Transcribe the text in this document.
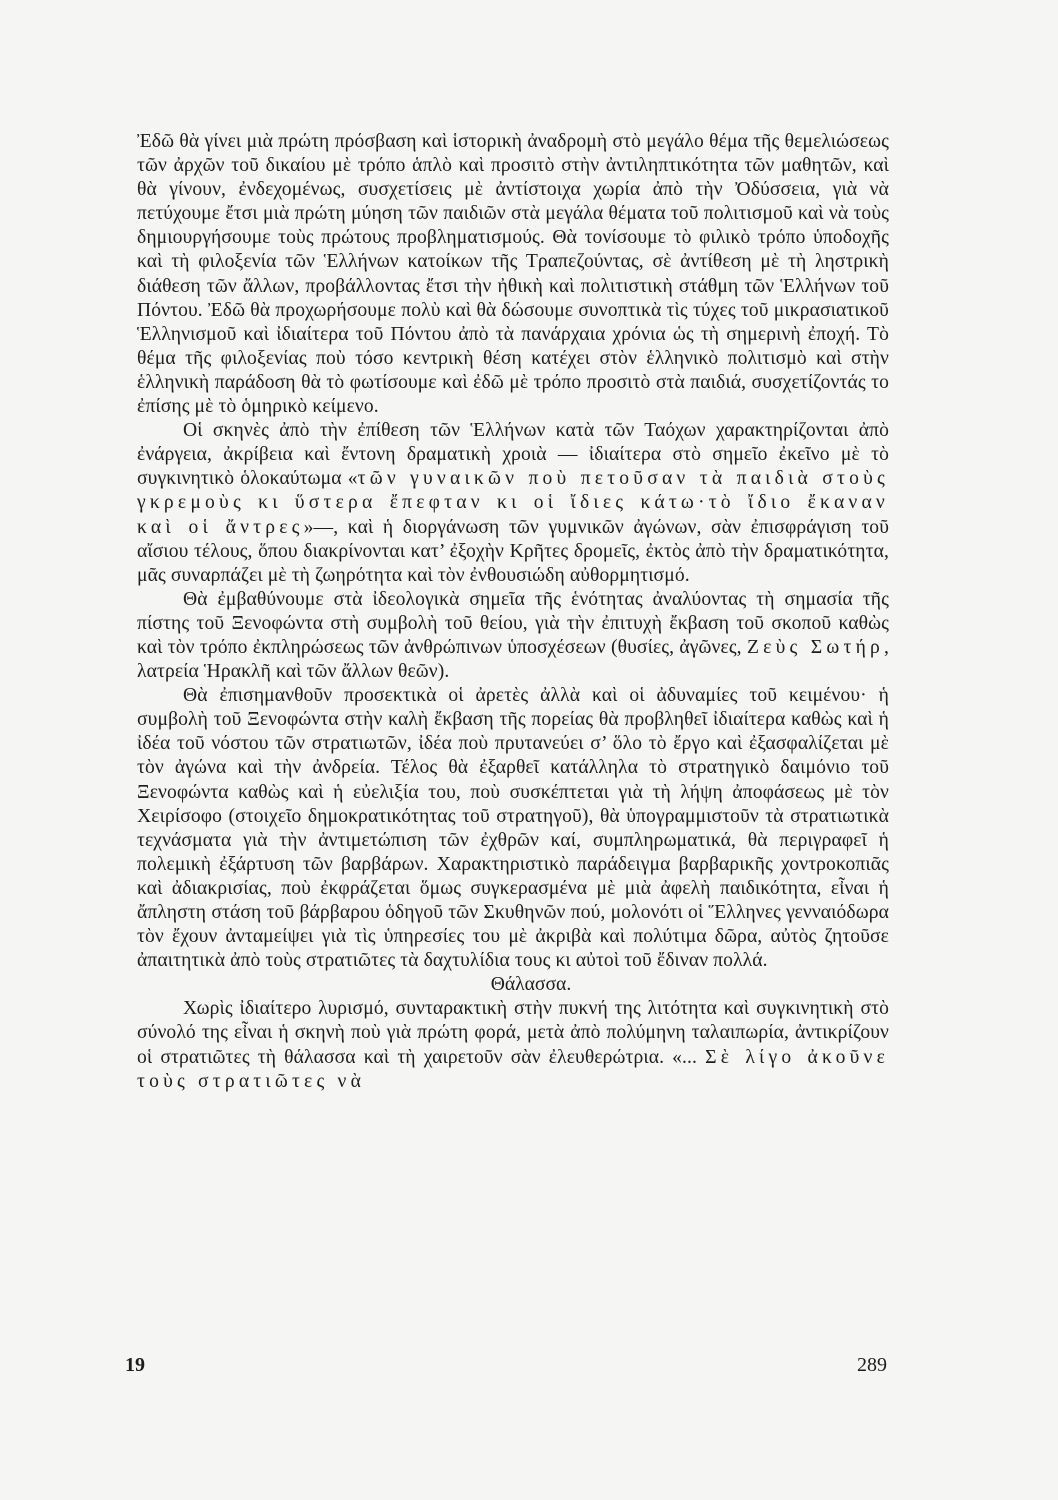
Ἐδῶ θὰ γίνει μιὰ πρώτη πρόσβαση καὶ ἱστορικὴ ἀναδρομὴ στὸ μεγάλο θέμα τῆς θεμελιώσεως τῶν ἀρχῶν τοῦ δικαίου μὲ τρόπο ἁπλὸ καὶ προσιτὸ στὴν ἀντιληπτικότητα τῶν μαθητῶν, καὶ θὰ γίνουν, ἐνδεχομένως, συσχετίσεις μὲ ἀντίστοιχα χωρία ἀπὸ τὴν Ὀδύσσεια, γιὰ νὰ πετύχουμε ἔτσι μιὰ πρώτη μύηση τῶν παιδιῶν στὰ μεγάλα θέματα τοῦ πολιτισμοῦ καὶ νὰ τοὺς δημιουργήσουμε τοὺς πρώτους προβληματισμούς. Θὰ τονίσουμε τὸ φιλικὸ τρόπο ὑποδοχῆς καὶ τὴ φιλοξενία τῶν Ἑλλήνων κατοίκων τῆς Τραπεζούντας, σὲ ἀντίθεση μὲ τὴ ληστρικὴ διάθεση τῶν ἄλλων, προβάλλοντας ἔτσι τὴν ἠθικὴ καὶ πολιτιστικὴ στάθμη τῶν Ἑλλήνων τοῦ Πόντου. Ἐδῶ θὰ προχωρήσουμε πολὺ καὶ θὰ δώσουμε συνοπτικὰ τὶς τύχες τοῦ μικρασιατικοῦ Ἑλληνισμοῦ καὶ ἰδιαίτερα τοῦ Πόντου ἀπὸ τὰ πανάρχαια χρόνια ὡς τὴ σημερινὴ ἐποχή. Τὸ θέμα τῆς φιλοξενίας ποὺ τόσο κεντρικὴ θέση κατέχει στὸν ἑλληνικὸ πολιτισμὸ καὶ στὴν ἑλληνικὴ παράδοση θὰ τὸ φωτίσουμε καὶ ἐδῶ μὲ τρόπο προσιτὸ στὰ παιδιά, συσχετίζοντάς το ἐπίσης μὲ τὸ ὁμηρικὸ κείμενο.

Οἱ σκηνὲς ἀπὸ τὴν ἐπίθεση τῶν Ἑλλήνων κατὰ τῶν Ταόχων χαρακτηρίζονται ἀπὸ ἐνάργεια, ἀκρίβεια καὶ ἔντονη δραματικὴ χροιὰ — ἰδιαίτερα στὸ σημεῖο ἐκεῖνο μὲ τὸ συγκινητικὸ ὁλοκαύτωμα «τῶν γυναικῶν ποὺ πετοῦσαν τὰ παιδιὰ στοὺς γκρεμοὺς κι ὕστερα ἔπεφταν κι οἱ ἴδιες κάτω·τὸ ἴδιο ἔκαναν καὶ οἱ ἄντρες»—, καὶ ἡ διοργάνωση τῶν γυμνικῶν ἀγώνων, σὰν ἐπισφράγιση τοῦ αἴσιου τέλους, ὅπου διακρίνονται κατ’ ἐξοχὴν Κρῆτες δρομεῖς, ἐκτὸς ἀπὸ τὴν δραματικότητα, μᾶς συναρπάζει μὲ τὴ ζωηρότητα καὶ τὸν ἐνθουσιώδη αὐθορμητισμό.

Θὰ ἐμβαθύνουμε στὰ ἰδεολογικὰ σημεῖα τῆς ἑνότητας ἀναλύοντας τὴ σημασία τῆς πίστης τοῦ Ξενοφώντα στὴ συμβολὴ τοῦ θείου, γιὰ τὴν ἐπιτυχὴ ἔκβαση τοῦ σκοποῦ καθὼς καὶ τὸν τρόπο ἐκπληρώσεως τῶν ἀνθρώπινων ὑποσχέσεων (θυσίες, ἀγῶνες, Ζεὺς Σωτήρ, λατρεία Ἡρακλῆ καὶ τῶν ἄλλων θεῶν).

Θὰ ἐπισημανθοῦν προσεκτικὰ οἱ ἀρετὲς ἀλλὰ καὶ οἱ ἀδυναμίες τοῦ κειμένου· ἡ συμβολὴ τοῦ Ξενοφώντα στὴν καλὴ ἔκβαση τῆς πορείας θὰ προβληθεῖ ἰδιαίτερα καθὼς καὶ ἡ ἰδέα τοῦ νόστου τῶν στρατιωτῶν, ἰδέα ποὺ πρυτανεύει σ’ ὅλο τὸ ἔργο καὶ ἐξασφαλίζεται μὲ τὸν ἀγώνα καὶ τὴν ἀνδρεία. Τέλος θὰ ἐξαρθεῖ κατάλληλα τὸ στρατηγικὸ δαιμόνιο τοῦ Ξενοφώντα καθὼς καὶ ἡ εὐελιξία του, ποὺ συσκέπτεται γιὰ τὴ λήψη ἀποφάσεως μὲ τὸν Χειρίσοφο (στοιχεῖο δημοκρατικότητας τοῦ στρατηγοῦ), θὰ ὑπογραμμιστοῦν τὰ στρατιωτικὰ τεχνάσματα γιὰ τὴν ἀντιμετώπιση τῶν ἐχθρῶν καί, συμπληρωματικά, θὰ περιγραφεῖ ἡ πολεμικὴ ἐξάρτυση τῶν βαρβάρων. Χαρακτηριστικὸ παράδειγμα βαρβαρικῆς χοντροκοπιᾶς καὶ ἀδιακρισίας, ποὺ ἐκφράζεται ὅμως συγκερασμένα μὲ μιὰ ἀφελὴ παιδικότητα, εἶναι ἡ ἄπληστη στάση τοῦ βάρβαρου ὁδηγοῦ τῶν Σκυθηνῶν πού, μολονότι οἱ Ἕλληνες γενναιόδωρα τὸν ἔχουν ἀνταμείψει γιὰ τὶς ὑπηρεσίες του μὲ ἀκριβὰ καὶ πολύτιμα δῶρα, αὐτὸς ζητοῦσε ἀπαιτητικὰ ἀπὸ τοὺς στρατιῶτες τὰ δαχτυλίδια τους κι αὐτοὶ τοῦ ἔδιναν πολλά.

Θάλασσα.

Χωρὶς ἰδιαίτερο λυρισμό, συνταρακτικὴ στὴν πυκνή της λιτότητα καὶ συγκινητικὴ στὸ σύνολό της εἶναι ἡ σκηνὴ ποὺ γιὰ πρώτη φορά, μετὰ ἀπὸ πολύμηνη ταλαιπωρία, ἀντικρίζουν οἱ στρατιῶτες τὴ θάλασσα καὶ τὴ χαιρετοῦν σὰν ἐλευθερώτρια. «... Σὲ λίγο ἀκοῦνε τοὺς στρατιῶτες νὰ

19	289
